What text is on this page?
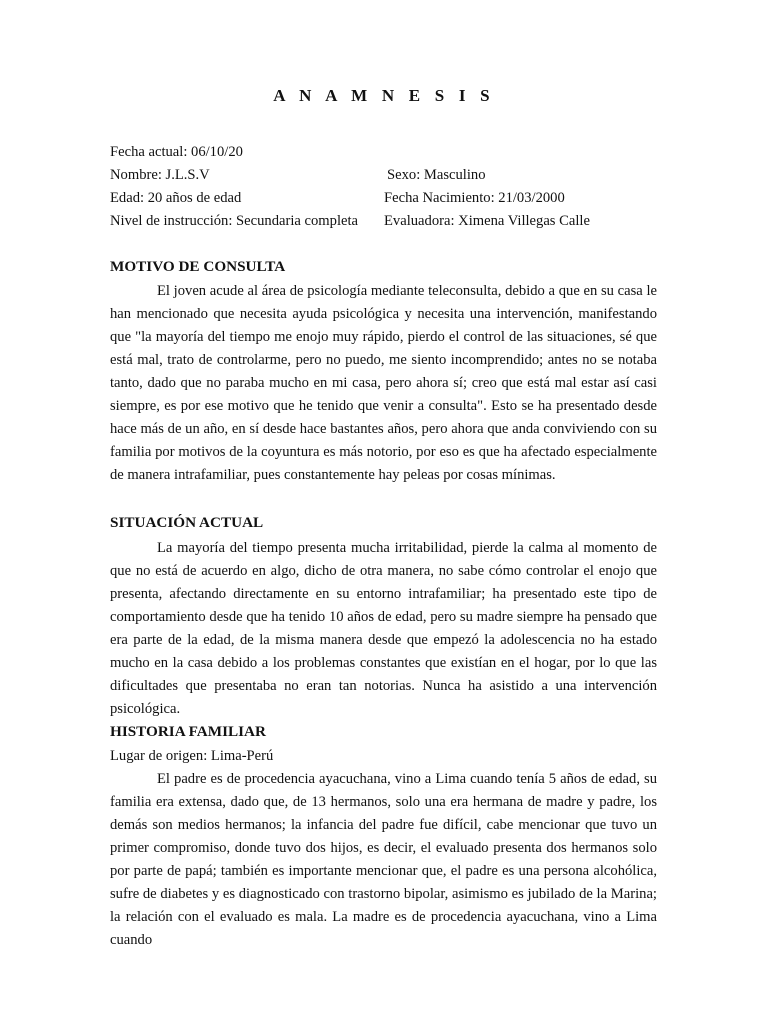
A N A M N E S I S
Fecha actual: 06/10/20
Nombre: J.L.S.V	Sexo: Masculino
Edad: 20 años de edad	Fecha Nacimiento: 21/03/2000
Nivel de instrucción: Secundaria completa Evaluadora: Ximena Villegas Calle
MOTIVO DE CONSULTA

El joven acude al área de psicología mediante teleconsulta, debido a que en su casa le han mencionado que necesita ayuda psicológica y necesita una intervención, manifestando que "la mayoría del tiempo me enojo muy rápido, pierdo el control de las situaciones, sé que está mal, trato de controlarme, pero no puedo, me siento incomprendido; antes no se notaba tanto, dado que no paraba mucho en mi casa, pero ahora sí; creo que está mal estar así casi siempre, es por ese motivo que he tenido que venir a consulta". Esto se ha presentado desde hace más de un año, en sí desde hace bastantes años, pero ahora que anda conviviendo con su familia por motivos de la coyuntura es más notorio, por eso es que ha afectado especialmente de manera intrafamiliar, pues constantemente hay peleas por cosas mínimas.

SITUACIÓN ACTUAL

La mayoría del tiempo presenta mucha irritabilidad, pierde la calma al momento de que no está de acuerdo en algo, dicho de otra manera, no sabe cómo controlar el enojo que presenta, afectando directamente en su entorno intrafamiliar; ha presentado este tipo de comportamiento desde que ha tenido 10 años de edad, pero su madre siempre ha pensado que era parte de la edad, de la misma manera desde que empezó la adolescencia no ha estado mucho en la casa debido a los problemas constantes que existían en el hogar, por lo que las dificultades que presentaba no eran tan notorias. Nunca ha asistido a una intervención psicológica.

HISTORIA FAMILIAR
Lugar de origen: Lima-Perú

El padre es de procedencia ayacuchana, vino a Lima cuando tenía 5 años de edad, su familia era extensa, dado que, de 13 hermanos, solo una era hermana de madre y padre, los demás son medios hermanos; la infancia del padre fue difícil, cabe mencionar que tuvo un primer compromiso, donde tuvo dos hijos, es decir, el evaluado presenta dos hermanos solo por parte de papá; también es importante mencionar que, el padre es una persona alcohólica, sufre de diabetes y es diagnosticado con trastorno bipolar, asimismo es jubilado de la Marina; la relación con el evaluado es mala. La madre es de procedencia ayacuchana, vino a Lima cuando
